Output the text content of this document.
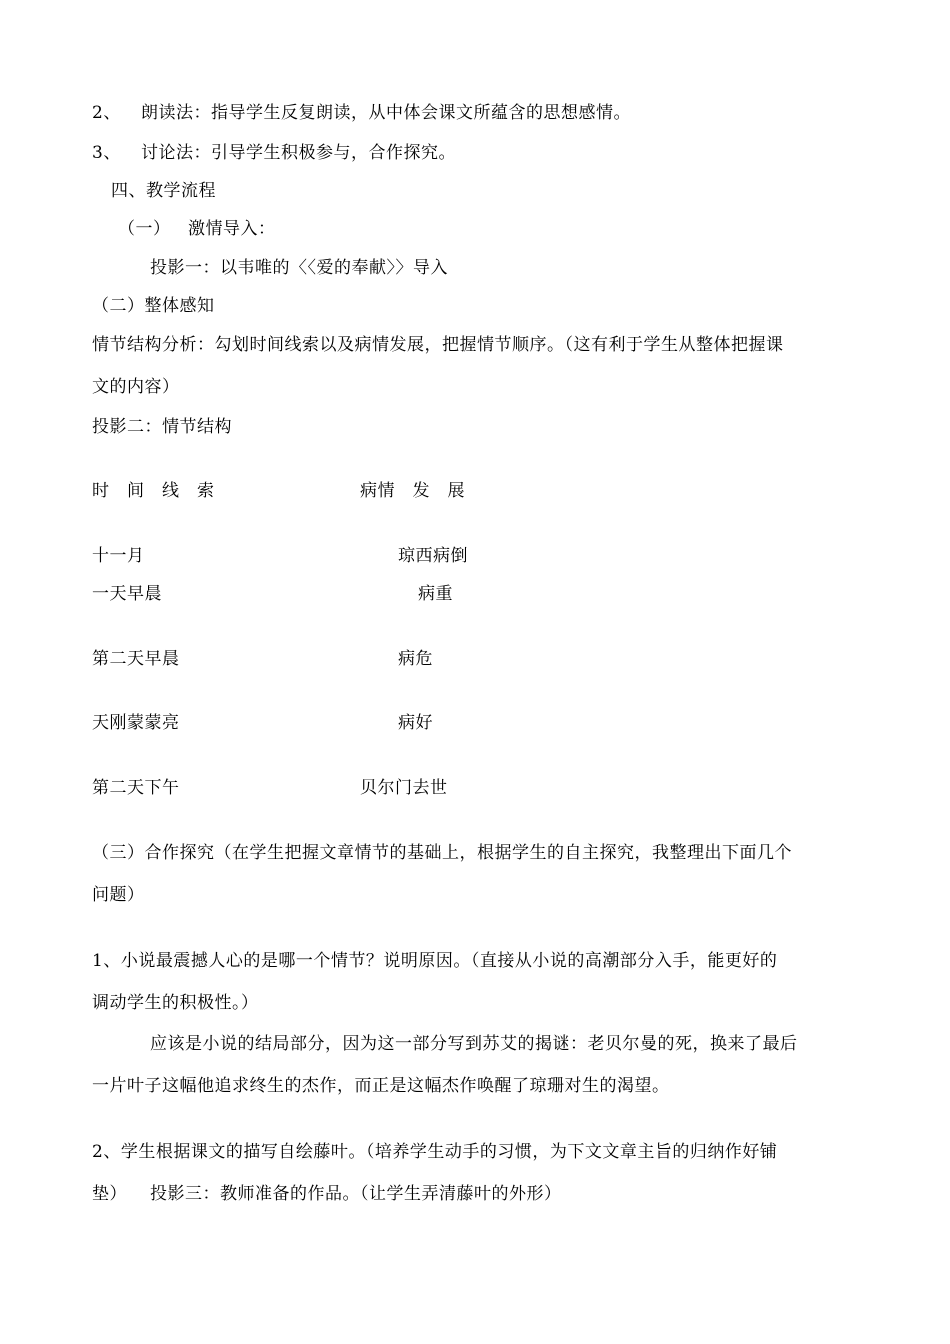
2、 朗读法：指导学生反复朗读，从中体会课文所蕴含的思想感情。
3、 讨论法：引导学生积极参与，合作探究。
四、教学流程
（一） 激情导入：
投影一：以韦唯的〈〈爱的奉献〉〉导入
（二）整体感知
情节结构分析：勾划时间线索以及病情发展，把握情节顺序。（这有利于学生从整体把握课
文的内容）
投影二：情节结构
时　间　线　索	病情　发　展
十一月	琼西病倒
一天早晨	病重
第二天早晨	病危
天刚蒙蒙亮	病好
第二天下午	贝尔门去世
（三）合作探究（在学生把握文章情节的基础上，根据学生的自主探究，我整理出下面几个
问题）
1、小说最震撼人心的是哪一个情节？说明原因。（直接从小说的高潮部分入手，能更好的
调动学生的积极性。）
应该是小说的结局部分，因为这一部分写到苏艾的揭谜：老贝尔曼的死，换来了最后
一片叶子这幅他追求终生的杰作，而正是这幅杰作唤醒了琼珊对生的渴望。
2、学生根据课文的描写自绘藤叶。（培养学生动手的习惯，为下文文章主旨的归纳作好铺
垫） 投影三：教师准备的作品。（让学生弄清藤叶的外形）
